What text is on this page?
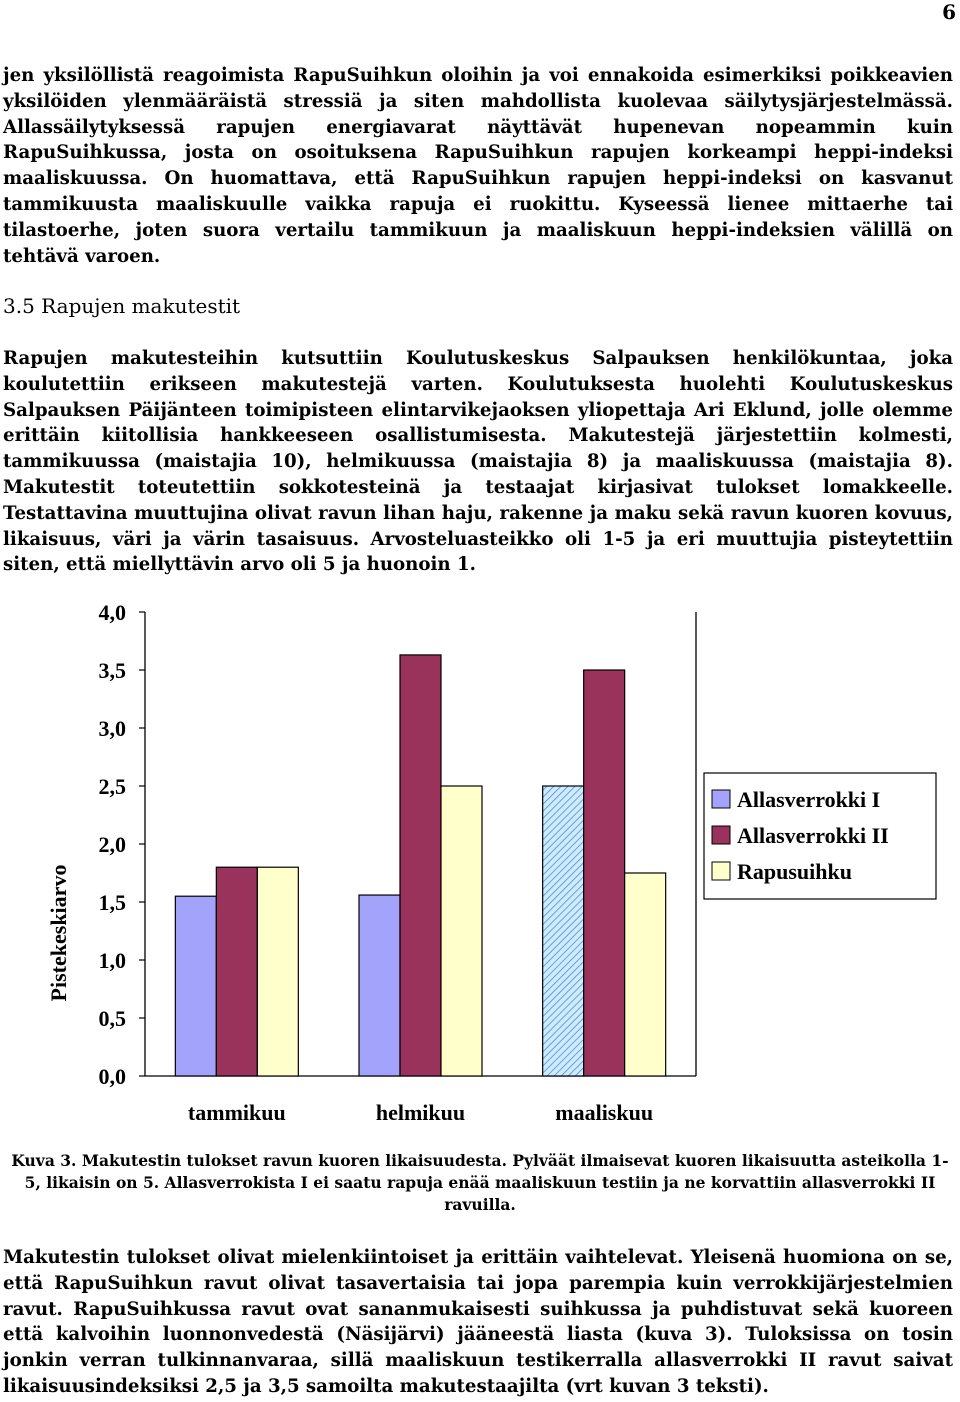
6

jen yksilöllistä reagoimista RapuSuihkun oloihin ja voi ennakoida esimerkiksi poikkeavien yksilöiden ylenmääräistä stressiä ja siten mahdollista kuolevaa säilytysjärjestelmässä. Allassäilytyksessä rapujen energiavarat näyttävät hupenevan nopeammin kuin RapuSuihkussa, josta on osoituksena RapuSuihkun rapujen korkeampi heppi-indeksi maaliskuussa. On huomattava, että RapuSuihkun rapujen heppi-indeksi on kasvanut tammikuusta maaliskuulle vaikka rapuja ei ruokittu. Kyseessä lienee mittaerhe tai tilastoerhe, joten suora vertailu tammikuun ja maaliskuun heppi-indeksien välillä on tehtävä varoen.

3.5 Rapujen makutestit

Rapujen makutesteihin kutsuttiin Koulutuskeskus Salpauksen henkilökuntaa, joka koulutettiin erikseen makutestejä varten. Koulutuksesta huolehti Koulutuskeskus Salpauksen Päijänteen toimipisteen elintarvikejaoksen yliopettaja Ari Eklund, jolle olemme erittäin kiitollisia hankkeeseen osallistumisesta. Makutestejä järjestettiin kolmesti, tammikuussa (maistajia 10), helmikuussa (maistajia 8) ja maaliskuussa (maistajia 8). Makutestit toteutettiin sokkotesteinä ja testaajat kirjasivat tulokset lomakkeelle. Testattavina muuttujina olivat ravun lihan haju, rakenne ja maku sekä ravun kuoren kovuus, likaisuus, väri ja värin tasaisuus. Arvosteluasteikko oli 1-5 ja eri muuttujia pisteytettiin siten, että miellyttävin arvo oli 5 ja huonoin 1.

0,0
0,5
1,0
1,5
2,0
2,5
3,0
3,5
4,0
tammikuu	helmikuu	maaliskuu
Pistekeskiarvo
Allasverrokki I
Allasverrokki II
Rapusuihku

Kuva 3. Makutestin tulokset ravun kuoren likaisuudesta. Pylväät ilmaisevat kuoren likaisuutta asteikolla 1-5, likaisin on 5. Allasverrokista I ei saatu rapuja enää maaliskuun testiin ja ne korvattiin allasverrokki II ravuilla.

Makutestin tulokset olivat mielenkiintoiset ja erittäin vaihtelevat. Yleisenä huomiona on se, että RapuSuihkun ravut olivat tasavertaisia tai jopa parempia kuin verrokkijärjestelmien ravut. RapuSuihkussa ravut ovat sananmukaisesti suihkussa ja puhdistuvat sekä kuoreen että kalvoihin luonnonvedestä (Näsijärvi) jääneestä liasta (kuva 3). Tuloksissa on tosin jonkin verran tulkinnanvaraa, sillä maaliskuun testikerralla allasverrokki II ravut saivat likaisuusindeksiksi 2,5 ja 3,5 samoilta makutestaajilta (vrt kuvan 3 teksti).
